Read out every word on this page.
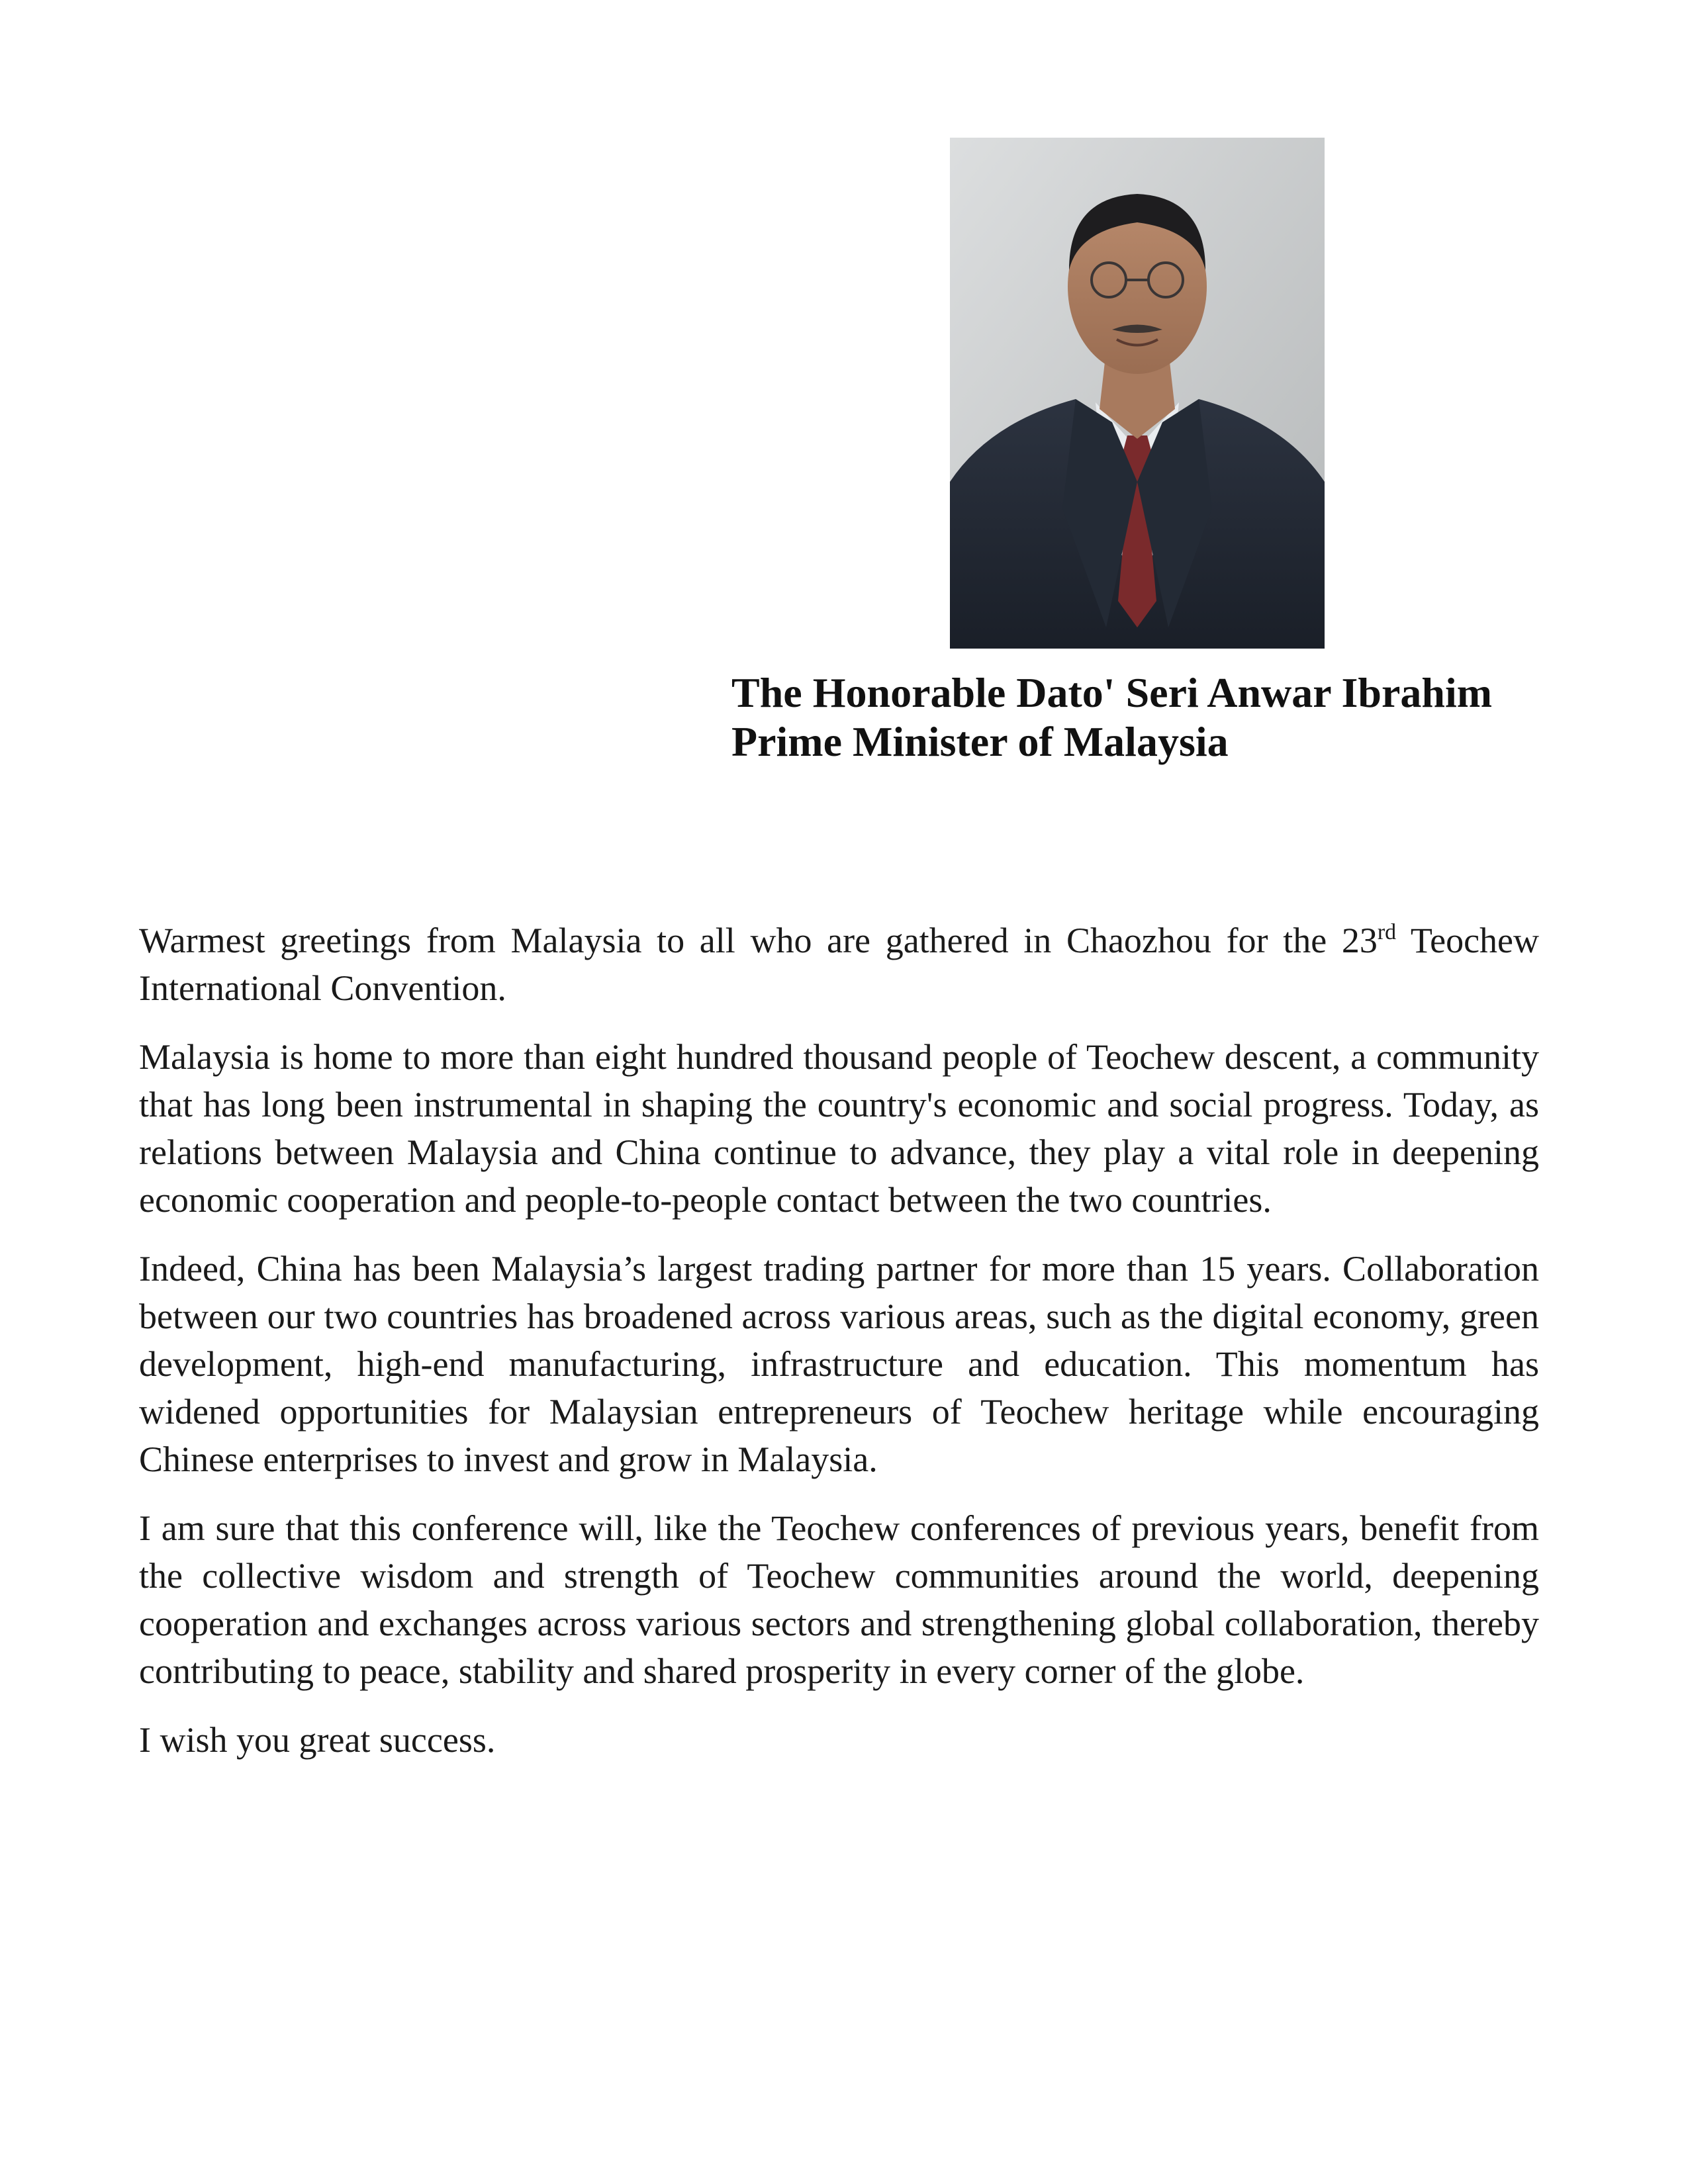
The Honorable Dato' Seri Anwar Ibrahim
Prime Minister of Malaysia

Warmest greetings from Malaysia to all who are gathered in Chaozhou for the 23rd Teochew International Convention.

Malaysia is home to more than eight hundred thousand people of Teochew descent, a community that has long been instrumental in shaping the country's economic and social progress. Today, as relations between Malaysia and China continue to advance, they play a vital role in deepening economic cooperation and people-to-people contact between the two countries.

Indeed, China has been Malaysia’s largest trading partner for more than 15 years. Collaboration between our two countries has broadened across various areas, such as the digital economy, green development, high-end manufacturing, infrastructure and education. This momentum has widened opportunities for Malaysian entrepreneurs of Teochew heritage while encouraging Chinese enterprises to invest and grow in Malaysia.

I am sure that this conference will, like the Teochew conferences of previous years, benefit from the collective wisdom and strength of Teochew communities around the world, deepening cooperation and exchanges across various sectors and strengthening global collaboration, thereby contributing to peace, stability and shared prosperity in every corner of the globe.

I wish you great success.
